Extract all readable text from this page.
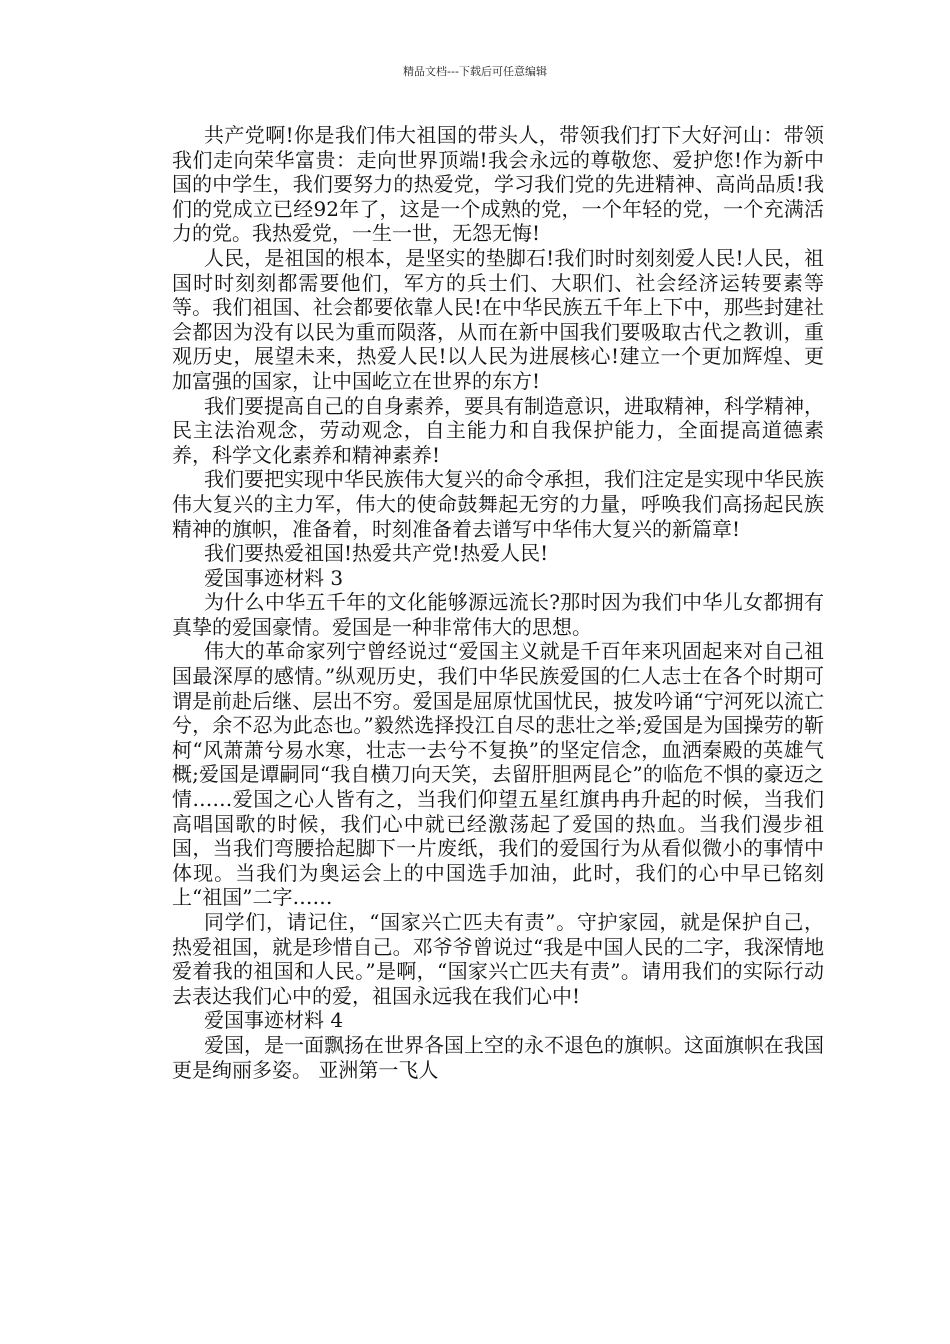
精品文档---下载后可任意编辑

共产党啊!你是我们伟大祖国的带头人，带领我们打下大好河山：带领我们走向荣华富贵：走向世界顶端!我会永远的尊敬您、爱护您!作为新中国的中学生，我们要努力的热爱党，学习我们党的先进精神、高尚品质!我们的党成立已经92年了，这是一个成熟的党，一个年轻的党，一个充满活力的党。我热爱党，一生一世，无怨无悔!

人民，是祖国的根本，是坚实的垫脚石!我们时时刻刻爱人民!人民，祖国时时刻刻都需要他们，军方的兵士们、大职们、社会经济运转要素等等。我们祖国、社会都要依靠人民!在中华民族五千年上下中，那些封建社会都因为没有以民为重而陨落，从而在新中国我们要吸取古代之教训，重观历史，展望未来，热爱人民!以人民为进展核心!建立一个更加辉煌、更加富强的国家，让中国屹立在世界的东方!

我们要提高自己的自身素养，要具有制造意识，进取精神，科学精神，民主法治观念，劳动观念，自主能力和自我保护能力，全面提高道德素养，科学文化素养和精神素养!

我们要把实现中华民族伟大复兴的命令承担，我们注定是实现中华民族伟大复兴的主力军，伟大的使命鼓舞起无穷的力量，呼唤我们高扬起民族精神的旗帜，准备着，时刻准备着去谱写中华伟大复兴的新篇章!

我们要热爱祖国!热爱共产党!热爱人民!

爱国事迹材料 3

为什么中华五千年的文化能够源远流长?那时因为我们中华儿女都拥有真挚的爱国豪情。爱国是一种非常伟大的思想。

伟大的革命家列宁曾经说过“爱国主义就是千百年来巩固起来对自己祖国最深厚的感情。”纵观历史，我们中华民族爱国的仁人志士在各个时期可谓是前赴后继、层出不穷。爱国是屈原忧国忧民，披发吟诵“宁河死以流亡兮，余不忍为此态也。”毅然选择投江自尽的悲壮之举;爱国是为国操劳的靳柯“风萧萧兮易水寒，壮志一去兮不复换”的坚定信念，血洒秦殿的英雄气概;爱国是谭嗣同“我自横刀向天笑，去留肝胆两昆仑”的临危不惧的豪迈之情……爱国之心人皆有之，当我们仰望五星红旗冉冉升起的时候，当我们高唱国歌的时候，我们心中就已经激荡起了爱国的热血。当我们漫步祖国，当我们弯腰拾起脚下一片废纸，我们的爱国行为从看似微小的事情中体现。当我们为奥运会上的中国选手加油，此时，我们的心中早已铭刻上“祖国”二字……

同学们，请记住，“国家兴亡匹夫有责”。守护家园，就是保护自己，热爱祖国，就是珍惜自己。邓爷爷曾说过“我是中国人民的二字，我深情地爱着我的祖国和人民。”是啊，“国家兴亡匹夫有责”。请用我们的实际行动去表达我们心中的爱，祖国永远我在我们心中!

爱国事迹材料 4

爱国，是一面飘扬在世界各国上空的永不退色的旗帜。这面旗帜在我国更是绚丽多姿。 亚洲第一飞人
